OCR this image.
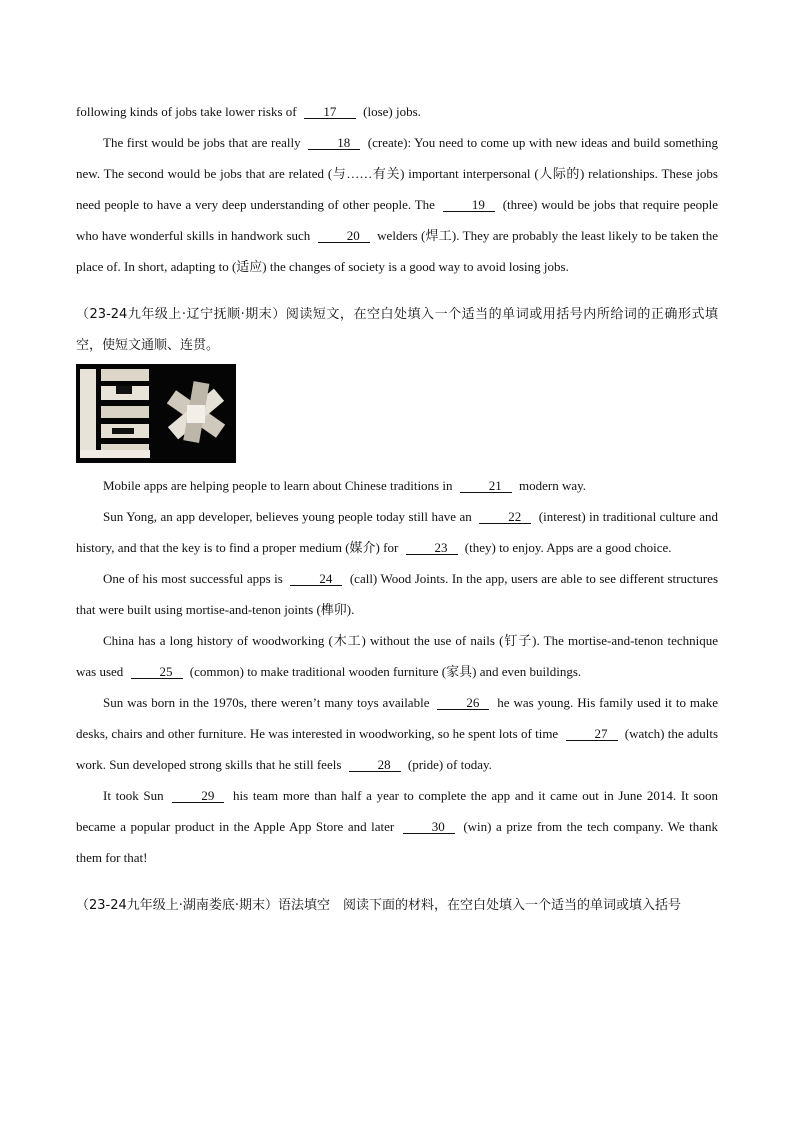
following kinds of jobs take lower risks of 17 (lose) jobs.

The first would be jobs that are really	18 (create): You need to come up with new ideas and build something new. The second would be jobs that are related (与……有关) important interpersonal (人际的) relationships. These jobs need people to have a very deep understanding of other people. The	19 (three) would be jobs that require people who have wonderful skills in handwork such	20 welders (焊工). They are probably the least likely to be taken the place of. In short, adapting to (适应) the changes of society is a good way to avoid losing jobs.

（23-24九年级上·辽宁抚顺·期末）阅读短文，在空白处填入一个适当的单词或用括号内所给词的正确形式填空，使短文通顺、连贯。

Mobile apps are helping people to learn about Chinese traditions in	21 modern way.

Sun Yong, an app developer, believes young people today still have an	22 (interest) in traditional culture and history, and that the key is to find a proper medium (媒介) for	23 (they) to enjoy. Apps are a good choice.

One of his most successful apps is	24 (call) Wood Joints. In the app, users are able to see different structures that were built using mortise-and-tenon joints (榫卯).

China has a long history of woodworking (木工) without the use of nails (钉子). The mortise-and-tenon technique was used	25 (common) to make traditional wooden furniture (家具) and even buildings.

Sun was born in the 1970s, there weren’t many toys available	26 he was young. His family used it to make desks, chairs and other furniture. He was interested in woodworking, so he spent lots of time	27 (watch) the adults work. Sun developed strong skills that he still feels	28 (pride) of today.

It took Sun	29 his team more than half a year to complete the app and it came out in June 2014. It soon became a popular product in the Apple App Store and later	30 (win) a prize from the tech company. We thank them for that!

（23-24九年级上·湖南娄底·期末）语法填空　阅读下面的材料，在空白处填入一个适当的单词或填入括号
